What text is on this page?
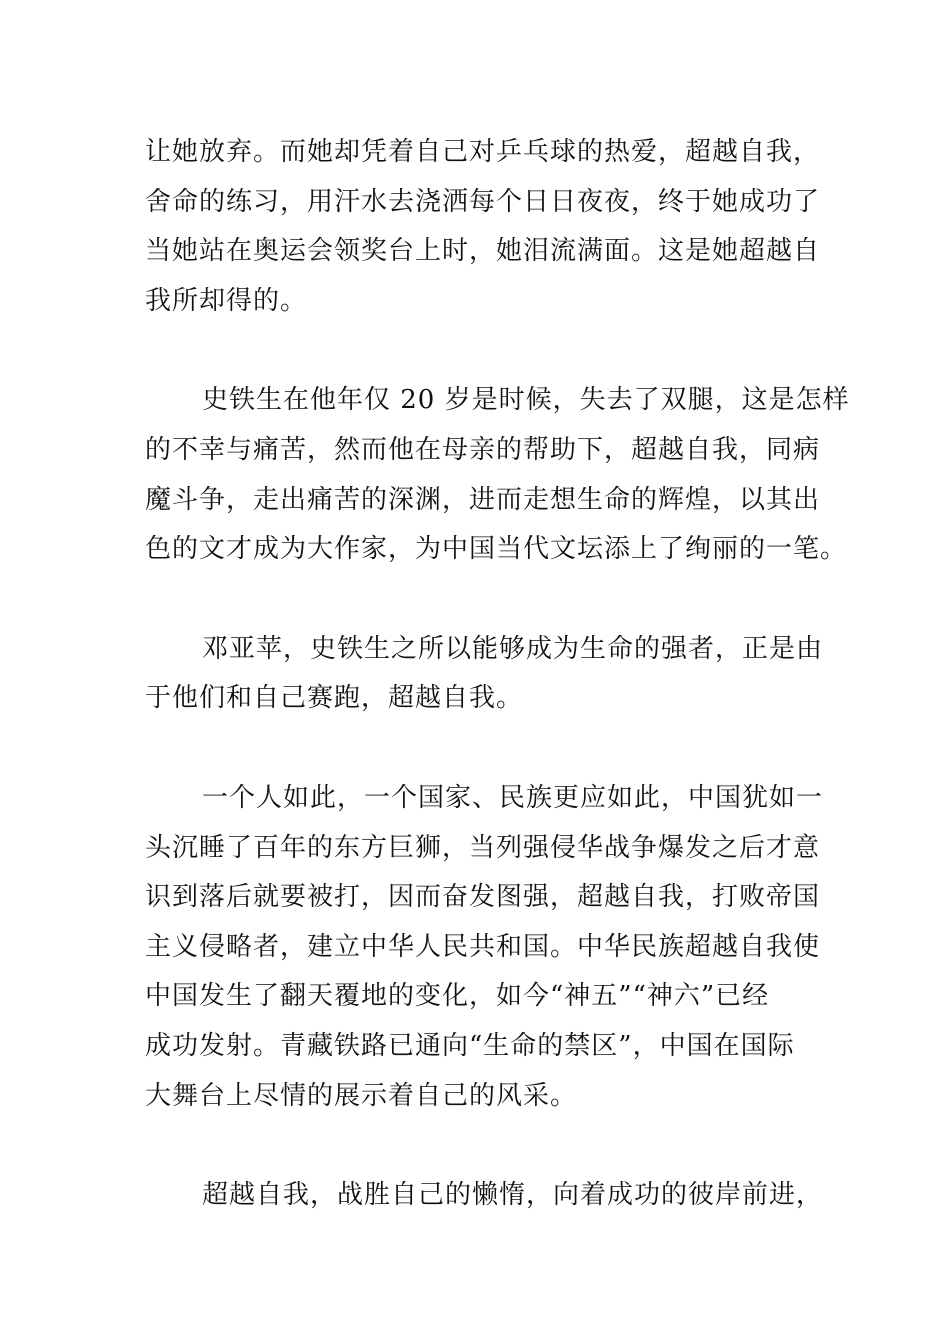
让她放弃。而她却凭着自己对乒乓球的热爱，超越自我，
舍命的练习，用汗水去浇洒每个日日夜夜，终于她成功了
当她站在奥运会领奖台上时，她泪流满面。这是她超越自
我所却得的。

史铁生在他年仅 20 岁是时候，失去了双腿，这是怎样
的不幸与痛苦，然而他在母亲的帮助下，超越自我，同病
魔斗争，走出痛苦的深渊，进而走想生命的辉煌，以其出
色的文才成为大作家，为中国当代文坛添上了绚丽的一笔。

邓亚苹，史铁生之所以能够成为生命的强者，正是由
于他们和自己赛跑，超越自我。

一个人如此，一个国家、民族更应如此，中国犹如一
头沉睡了百年的东方巨狮，当列强侵华战争爆发之后才意
识到落后就要被打，因而奋发图强，超越自我，打败帝国
主义侵略者，建立中华人民共和国。中华民族超越自我使
中国发生了翻天覆地的变化，如今“神五”“神六”已经
成功发射。青藏铁路已通向“生命的禁区”，中国在国际
大舞台上尽情的展示着自己的风采。

超越自我，战胜自己的懒惰，向着成功的彼岸前进，
